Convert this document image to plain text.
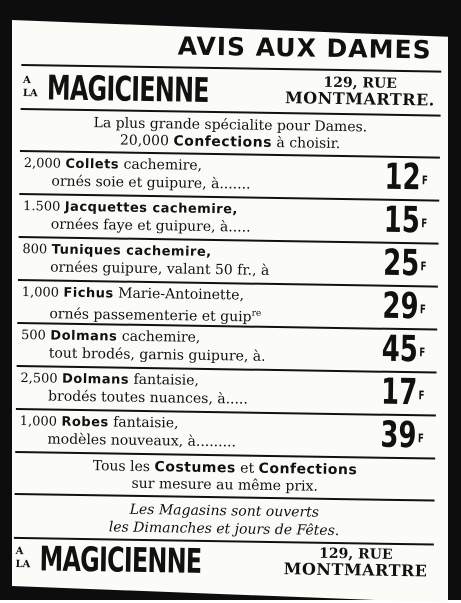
AVIS AUX DAMES
A
LA MAGICIENNE	129, RUE
MONTMARTRE.
La plus grande spécialite pour Dames.
20,000 Confections à choisir.
2,000 Collets cachemire,
ornés soie et guipure, à.......	$12^F$
1.500 Jacquettes cachemire,
ornées faye et guipure, à.....	$15^F$
800 Tuniques cachemire,
ornées guipure, valant 50 fr., à	$25^F$
1,000 Fichus Marie-Antoinette,
ornés passementerie et guip$^{re}$	$29^F$
500 Dolmans cachemire,
tout brodés, garnis guipure, à.	$45^F$
2,500 Dolmans fantaisie,
brodés toutes nuances, à.....	$17^F$
1,000 Robes fantaisie,
modèles nouveaux, à.........	$39^F$
Tous les Costumes et Confections
sur mesure au même prix.
Les Magasins sont ouverts
les Dimanches et jours de Fêtes.
A
LA MAGICIENNE	129, RUE
MONTMARTRE
